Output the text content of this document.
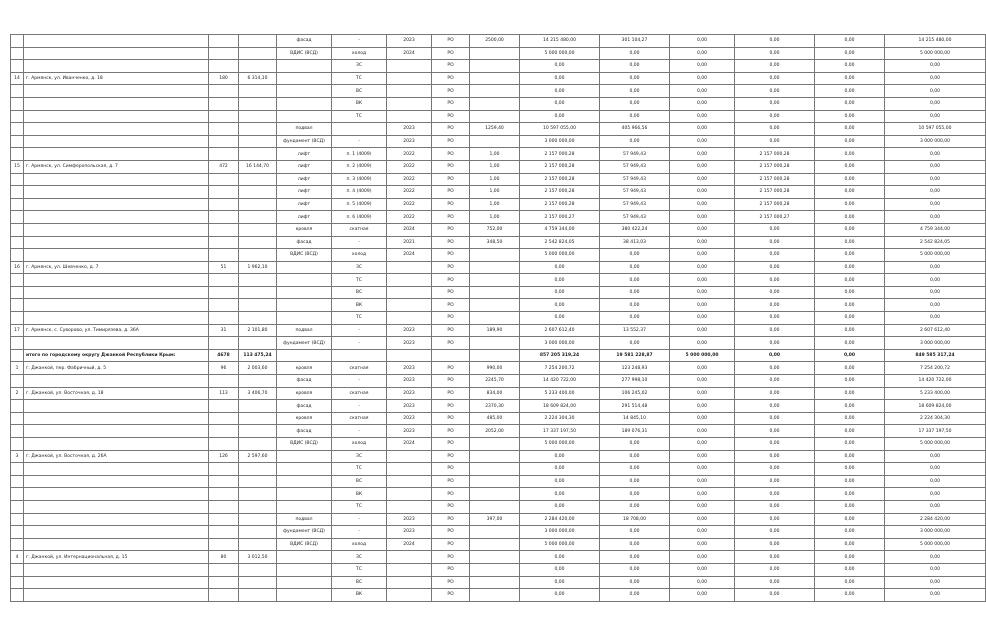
				фасад	-	2023	РО	2500,00	14 215 480,00	301 104,27	0,00	0,00	0,00	14 215 480,00
				ВДИС (ВСД)	холод	2024	РО		5 000 000,00	0,00	0,00	0,00	0,00	5 000 000,00
					ЗС		РО		0,00	0,00	0,00	0,00	0,00	0,00
14	г. Армянск, ул. Иванченко, д. 18	180	6 314,10		ТС		РО		0,00	0,00	0,00	0,00	0,00	0,00
					ВС		РО		0,00	0,00	0,00	0,00	0,00	0,00
					ВК		РО		0,00	0,00	0,00	0,00	0,00	0,00
					ТС		РО		0,00	0,00	0,00	0,00	0,00	0,00
				подвал		2023	РО	1259,40	10 597 055,00	405 966,56	0,00	0,00	0,00	10 597 055,00
				фундамент (ВСД)	-	2023	РО		3 000 000,00	0,00	0,00	0,00	0,00	3 000 000,00
				лифт	п. 1 (4009)	2022	РО	1,00	2 157 000,28	57 949,43	0,00	2 157 000,28	0,00	0,00
15	г. Армянск, ул. Симферопольская, д. 7	472	16 144,70	лифт	п. 2 (4009)	2022	РО	1,00	2 157 000,28	57 949,43	0,00	2 157 000,28	0,00	0,00
				лифт	п. 3 (4009)	2022	РО	1,00	2 157 000,28	57 949,43	0,00	2 157 000,28	0,00	0,00
				лифт	п. 4 (4009)	2022	РО	1,00	2 157 000,28	57 949,43	0,00	2 157 000,28	0,00	0,00
				лифт	п. 5 (4009)	2022	РО	1,00	2 157 000,28	57 949,43	0,00	2 157 000,28	0,00	0,00
				лифт	п. 6 (4009)	2022	РО	1,00	2 157 000,27	57 949,43	0,00	2 157 000,27	0,00	0,00
				кровля	скатная	2024	РО	752,00	4 759 344,00	380 422,24	0,00	0,00	0,00	4 759 344,00
				фасад	-	2021	РО	348,50	2 542 824,05	38 413,03	0,00	0,00	0,00	2 542 824,05
				ВДИС (ВСД)	холод	2024	РО		5 000 000,00	0,00	0,00	0,00	0,00	5 000 000,00
16	г. Армянск, ул. Шевченко, д. 7	51	1 962,10		ЗС		РО		0,00	0,00	0,00	0,00	0,00	0,00
					ТС		РО		0,00	0,00	0,00	0,00	0,00	0,00
					ВС		РО		0,00	0,00	0,00	0,00	0,00	0,00
					ВК		РО		0,00	0,00	0,00	0,00	0,00	0,00
					ТС		РО		0,00	0,00	0,00	0,00	0,00	0,00
17	г. Армянск, с. Суворово, ул. Тимирязева, д. 36А	31	2 101,80	подвал	-	2023	РО	189,90	2 607 612,40	13 552,37	0,00	0,00	0,00	2 607 612,40
				фундамент (ВСД)	-	2023	РО		3 000 000,00	0,00	0,00	0,00	0,00	3 000 000,00
	итого по городскому округу Джанкой Республики Крым:	4678	113 475,24						857 205 319,24	19 581 228,87	5 000 000,00	0,00	0,00	849 585 317,24
1	г. Джанкой, пер. Фабричный, д. 5	96	2 003,60	кровля	скатная	2023	РО	990,00	7 254 200,72	123 248,93	0,00	0,00	0,00	7 254 200,72
				фасад	-	2023	РО	2245,70	14 420 722,00	277 998,10	0,00	0,00	0,00	14 420 722,00
2	г. Джанкой, ул. Восточная, д. 18	113	3 406,70	кровля	скатная	2023	РО	834,00	5 233 400,00	106 245,02	0,00	0,00	0,00	5 233 400,00
				фасад	-	2023	РО	2370,30	18 609 824,00	291 514,48	0,00	0,00	0,00	18 609 824,00
				кровля	скатная	2023	РО	485,00	2 224 304,30	14 845,10	0,00	0,00	0,00	2 224 304,30
				фасад	-	2023	РО	2052,00	17 337 197,50	189 076,31	0,00	0,00	0,00	17 337 197,50
				ВДИС (ВСД)	холод	2024	РО		5 000 000,00	0,00	0,00	0,00	0,00	5 000 000,00
3	г. Джанкой, ул. Восточная, д. 26А	126	2 597,60		ЗС		РО		0,00	0,00	0,00	0,00	0,00	0,00
					ТС		РО		0,00	0,00	0,00	0,00	0,00	0,00
					ВС		РО		0,00	0,00	0,00	0,00	0,00	0,00
					ВК		РО		0,00	0,00	0,00	0,00	0,00	0,00
					ТС		РО		0,00	0,00	0,00	0,00	0,00	0,00
				подвал	-	2023	РО	397,00	2 284 420,00	18 708,00	0,00	0,00	0,00	2 284 420,00
				фундамент (ВСД)	-	2023	РО		3 000 000,00	0,00	0,00	0,00	0,00	3 000 000,00
				ВДИС (ВСД)	холод	2024	РО		5 000 000,00	0,00	0,00	0,00	0,00	5 000 000,00
4	г. Джанкой, ул. Интернациональная, д. 15	80	3 012,50		ЗС		РО		0,00	0,00	0,00	0,00	0,00	0,00
					ТС		РО		0,00	0,00	0,00	0,00	0,00	0,00
					ВС		РО		0,00	0,00	0,00	0,00	0,00	0,00
					ВК		РО		0,00	0,00	0,00	0,00	0,00	0,00
